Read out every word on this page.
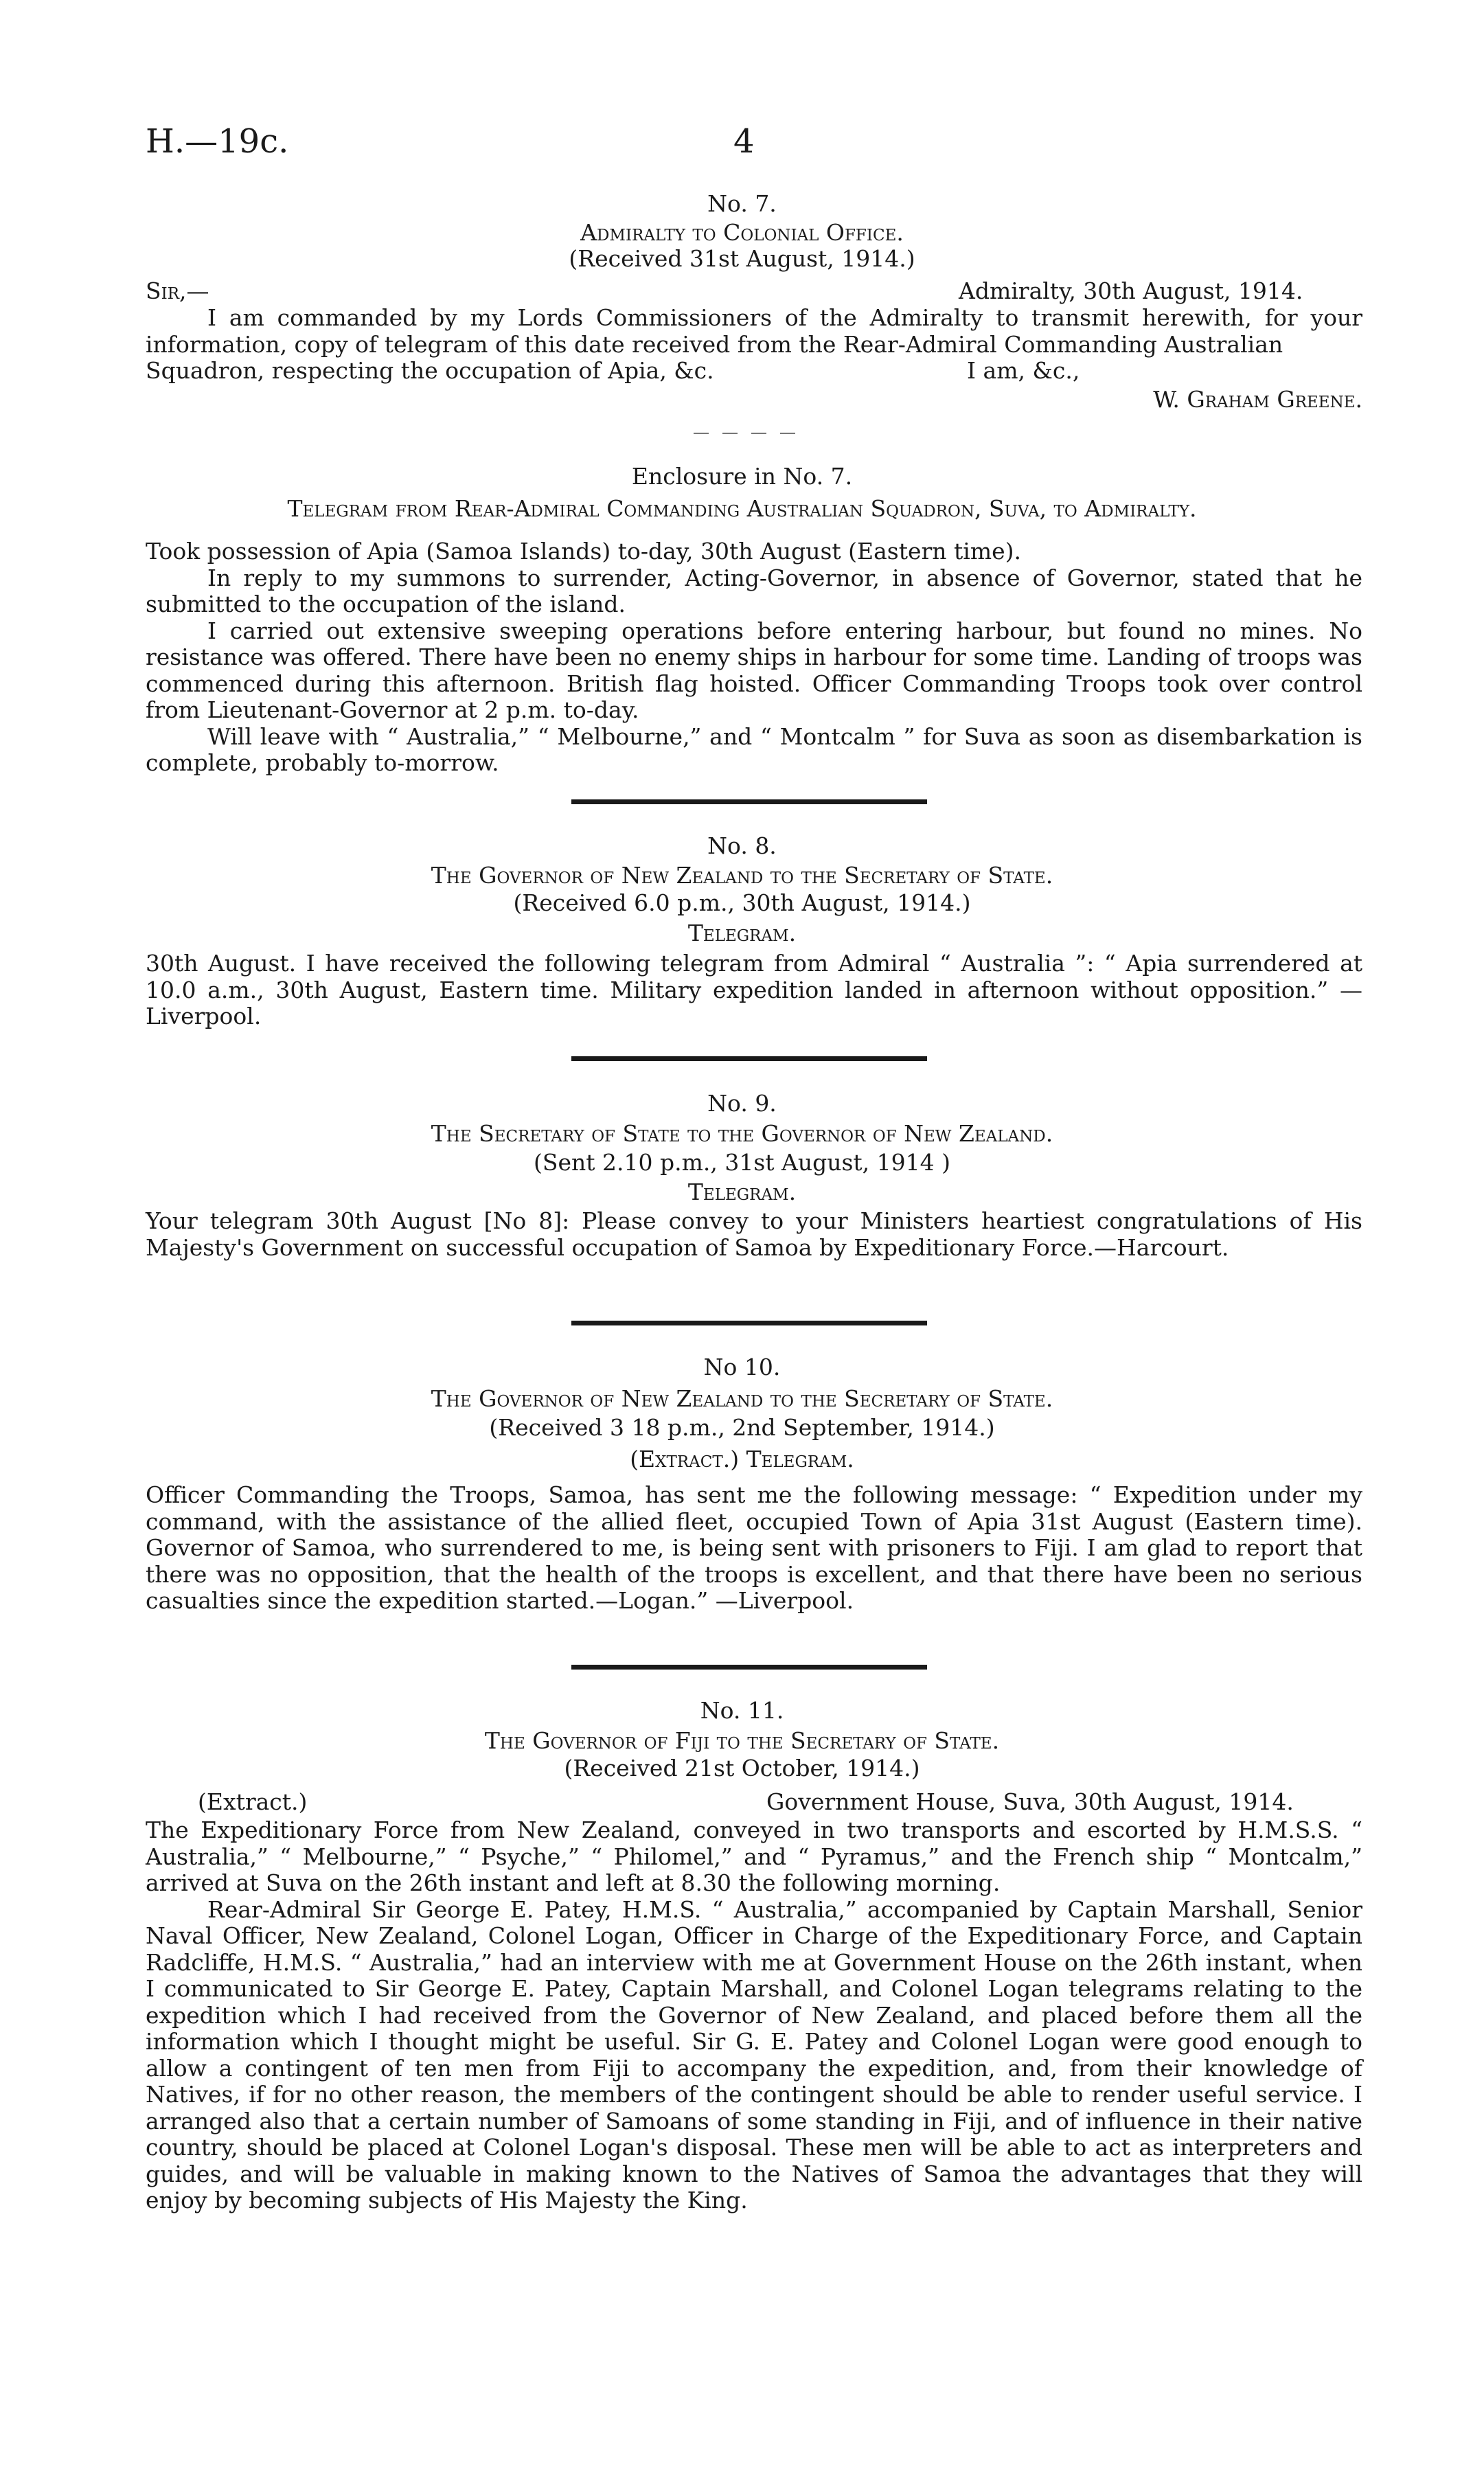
H.—19c.	4
No. 7.
Admiralty to Colonial Office.
(Received 31st August, 1914.)
Sir,—	Admiralty, 30th August, 1914.
I am commanded by my Lords Commissioners of the Admiralty to transmit herewith, for your information, copy of telegram of this date received from the Rear-Admiral Commanding Australian
Squadron, respecting the occupation of Apia, &c.	I am, &c.,
W. Graham Greene.
Enclosure in No. 7.
Telegram from Rear-Admiral Commanding Australian Squadron, Suva, to Admiralty.

Took possession of Apia (Samoa Islands) to-day, 30th August (Eastern time).

In reply to my summons to surrender, Acting-Governor, in absence of Governor, stated that he submitted to the occupation of the island.

I carried out extensive sweeping operations before entering harbour, but found no mines. No resistance was offered. There have been no enemy ships in harbour for some time. Landing of troops was commenced during this afternoon. British flag hoisted. Officer Commanding Troops took over control from Lieutenant-Governor at 2 p.m. to-day.

Will leave with “ Australia,” “ Melbourne,” and “ Montcalm ” for Suva as soon as disembarkation is complete, probably to-morrow.

No. 8.
The Governor of New Zealand to the Secretary of State.
(Received 6.0 p.m., 30th August, 1914.)
Telegram.
30th August. I have received the following telegram from Admiral “ Australia ”: “ Apia surrendered at 10.0 a.m., 30th August, Eastern time. Military expedition landed in afternoon without opposition.” —Liverpool.
No. 9.
The Secretary of State to the Governor of New Zealand.
(Sent 2.10 p.m., 31st August, 1914 )
Telegram.
Your telegram 30th August [No 8]: Please convey to your Ministers heartiest congratulations of His Majesty's Government on successful occupation of Samoa by Expeditionary Force.—Harcourt.
No 10.
The Governor of New Zealand to the Secretary of State.
(Received 3 18 p.m., 2nd September, 1914.)
(Extract.) Telegram.
Officer Commanding the Troops, Samoa, has sent me the following message: “ Expedition under my command, with the assistance of the allied fleet, occupied Town of Apia 31st August (Eastern time). Governor of Samoa, who surrendered to me, is being sent with prisoners to Fiji. I am glad to report that there was no opposition, that the health of the troops is excellent, and that there have been no serious casualties since the expedition started.—Logan.” —Liverpool.
No. 11.
The Governor of Fiji to the Secretary of State.
(Received 21st October, 1914.)
(Extract.)	Government House, Suva, 30th August, 1914.

The Expeditionary Force from New Zealand, conveyed in two transports and escorted by H.M.S.S. “ Australia,” “ Melbourne,” “ Psyche,” “ Philomel,” and “ Pyramus,” and the French ship “ Montcalm,” arrived at Suva on the 26th instant and left at 8.30 the following morning.

Rear-Admiral Sir George E. Patey, H.M.S. “ Australia,” accompanied by Captain Marshall, Senior Naval Officer, New Zealand, Colonel Logan, Officer in Charge of the Expeditionary Force, and Captain Radcliffe, H.M.S. “ Australia,” had an interview with me at Government House on the 26th instant, when I communicated to Sir George E. Patey, Captain Marshall, and Colonel Logan telegrams relating to the expedition which I had received from the Governor of New Zealand, and placed before them all the information which I thought might be useful. Sir G. E. Patey and Colonel Logan were good enough to allow a contingent of ten men from Fiji to accompany the expedition, and, from their knowledge of Natives, if for no other reason, the members of the contingent should be able to render useful service. I arranged also that a certain number of Samoans of some standing in Fiji, and of influence in their native country, should be placed at Colonel Logan's disposal. These men will be able to act as interpreters and guides, and will be valuable in making known to the Natives of Samoa the advantages that they will enjoy by becoming subjects of His Majesty the King.
